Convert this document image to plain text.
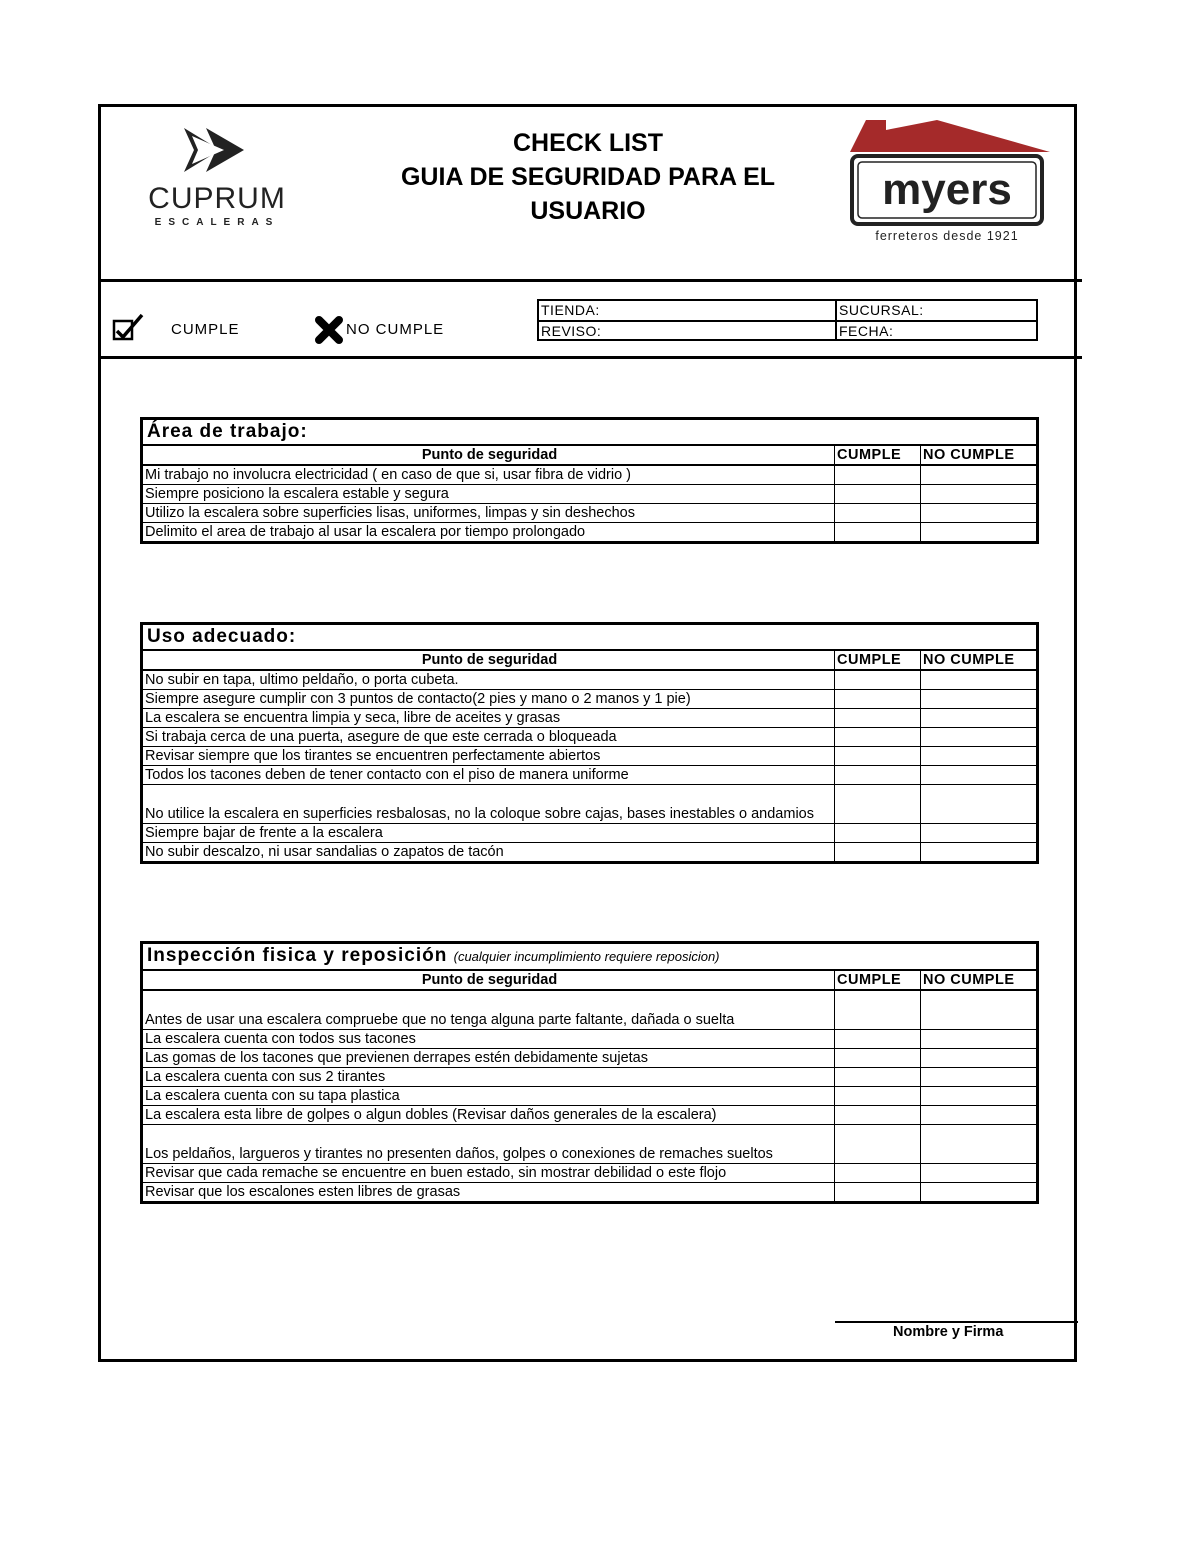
CUPRUM
ESCALERAS
CHECK LIST
GUIA DE SEGURIDAD PARA EL
USUARIO	myers
ferreteros desde 1921
CUMPLE	NO CUMPLE
TIENDA:	SUCURSAL:
REVISO:	FECHA:
Área de trabajo:		
Punto de seguridad	CUMPLE	NO CUMPLE
Mi trabajo no involucra electricidad ( en caso de que si, usar fibra de vidrio )		
Siempre posiciono la escalera estable y segura		
Utilizo la escalera sobre superficies lisas, uniformes, limpas y sin deshechos		
Delimito el area de trabajo al usar la escalera por tiempo prolongado		
Uso adecuado:		
Punto de seguridad	CUMPLE	NO CUMPLE
No subir en tapa, ultimo peldaño, o porta cubeta.		
Siempre asegure cumplir con 3 puntos de contacto(2 pies y mano o 2 manos y 1 pie)		
La escalera se encuentra limpia y seca, libre de aceites y grasas		
Si trabaja cerca de una puerta, asegure de que este cerrada o bloqueada		
Revisar siempre que los tirantes se encuentren perfectamente abiertos		
Todos los tacones deben de tener contacto con el piso de manera uniforme		
No utilice la escalera en superficies resbalosas, no la coloque sobre cajas, bases inestables o andamios		
Siempre bajar de frente a la escalera		
No subir descalzo, ni usar sandalias o zapatos de tacón		
Inspección fisica y reposición (cualquier incumplimiento requiere reposicion)		
Punto de seguridad	CUMPLE	NO CUMPLE
Antes de usar una escalera compruebe que no tenga alguna parte faltante, dañada o suelta		
La escalera cuenta con todos sus tacones		
Las gomas de los tacones que previenen derrapes estén debidamente sujetas		
La escalera cuenta con sus 2 tirantes		
La escalera cuenta con su tapa plastica		
La escalera esta libre de golpes o algun dobles (Revisar daños generales de la escalera)		
Los peldaños, largueros y tirantes no presenten daños, golpes o conexiones de remaches sueltos		
Revisar que cada remache se encuentre en buen estado, sin mostrar debilidad o este flojo		
Revisar que los escalones esten libres de grasas		
Nombre y Firma
